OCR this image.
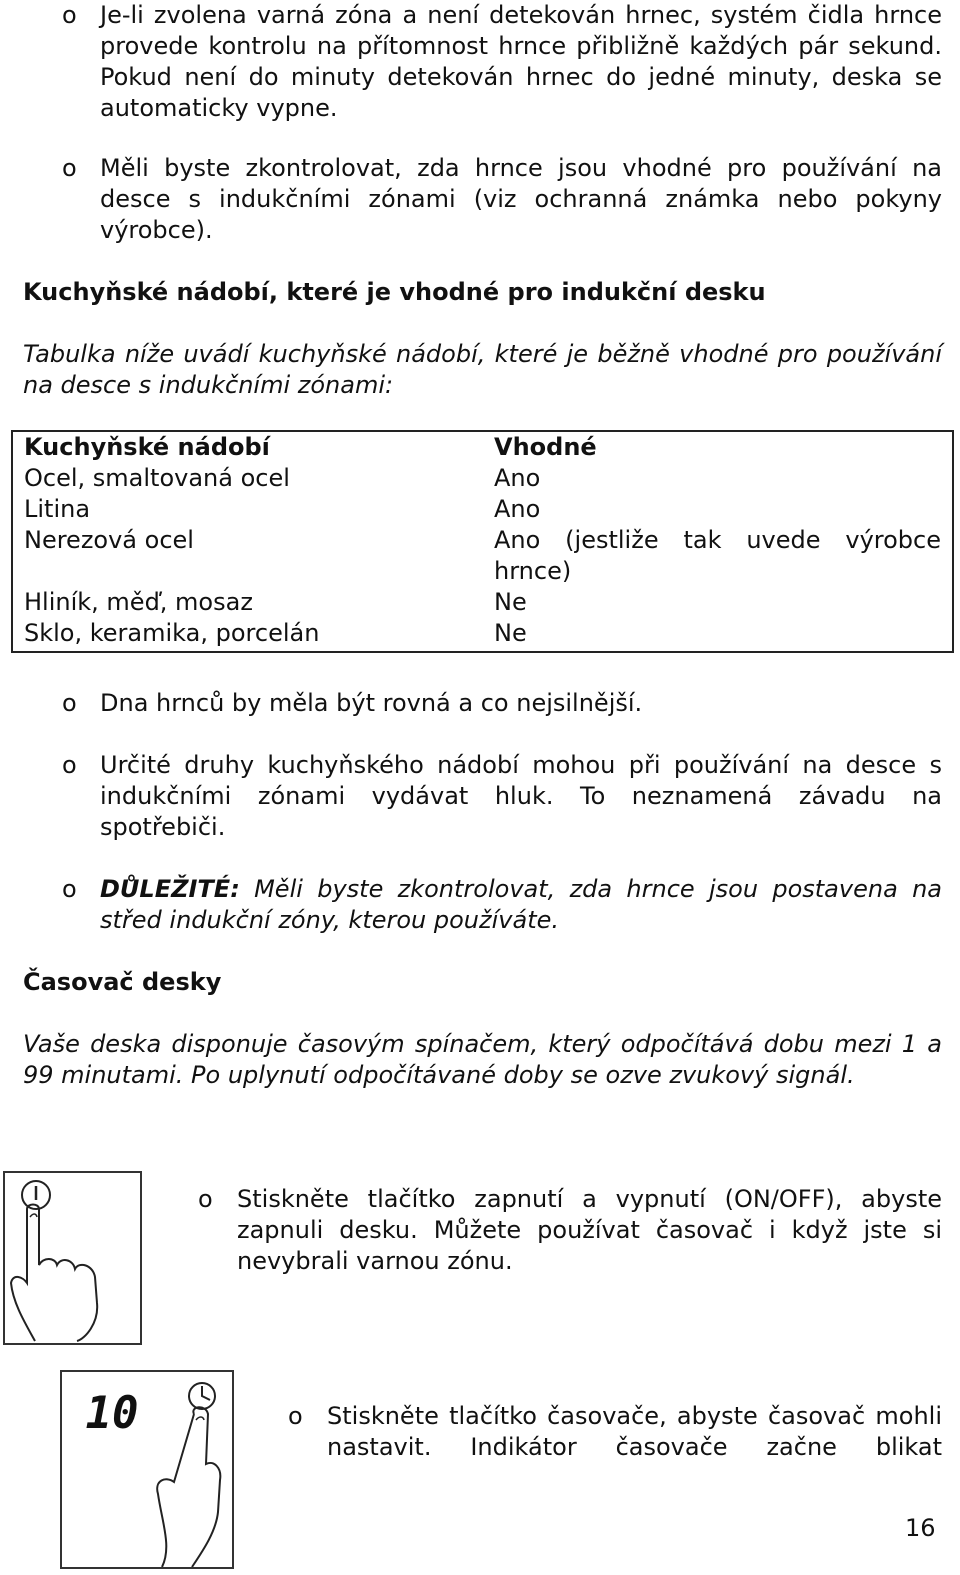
o Je-li zvolena varná zóna a není detekován hrnec, systém čidla hrnce provede kontrolu na přítomnost hrnce přibližně každých pár sekund. Pokud není do minuty detekován hrnec do jedné minuty, deska se automaticky vypne.
o Měli byste zkontrolovat, zda hrnce jsou vhodné pro používání na desce s indukčními zónami (viz ochranná známka nebo pokyny výrobce).
Kuchyňské nádobí, které je vhodné pro indukční desku
Tabulka níže uvádí kuchyňské nádobí, které je běžně vhodné pro používání na desce s indukčními zónami:
Kuchyňské nádobí	Vhodné
Ocel, smaltovaná ocel	Ano
Litina	Ano
Nerezová ocel	Ano (jestliže tak uvede výrobce hrnce)
Hliník, měď, mosaz	Ne
Sklo, keramika, porcelán	Ne
o Dna hrnců by měla být rovná a co nejsilnější.
o Určité druhy kuchyňského nádobí mohou při používání na desce s indukčními zónami vydávat hluk. To neznamená závadu na spotřebiči.
o DŮLEŽITÉ: Měli byste zkontrolovat, zda hrnce jsou postavena na střed indukční zóny, kterou používáte.
Časovač desky
Vaše deska disponuje časovým spínačem, který odpočítává dobu mezi 1 a 99 minutami. Po uplynutí odpočítávané doby se ozve zvukový signál.
o	Stiskněte tlačítko zapnutí a vypnutí (ON/OFF), abyste zapnuli desku. Můžete používat časovač i když jste si nevybrali varnou zónu.
10	o	Stiskněte tlačítko časovače, abyste časovač mohli nastavit. Indikátor časovače začne blikat
16
